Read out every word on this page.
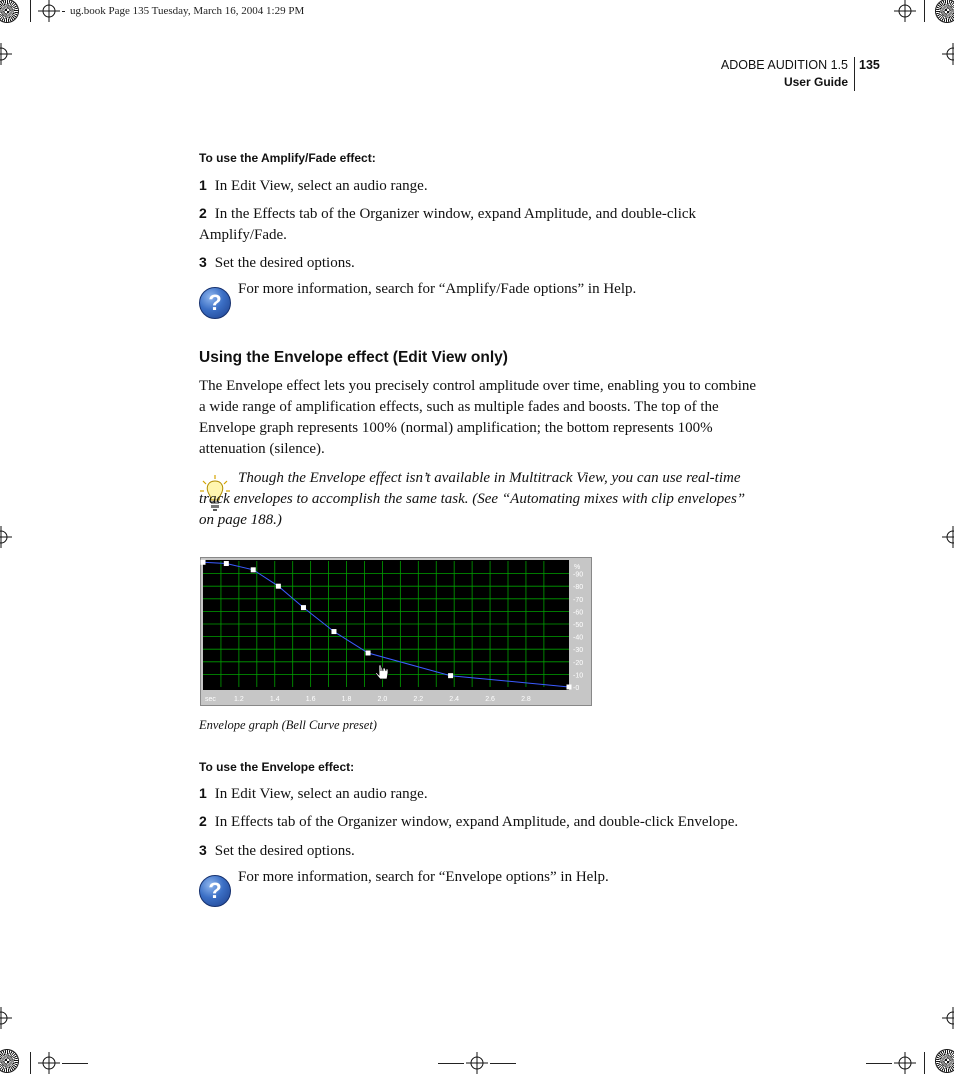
ug.book Page 135 Tuesday, March 16, 2004 1:29 PM
ADOBE AUDITION 1.5
User Guide
135
To use the Amplify/Fade effect:
1 In Edit View, select an audio range.
2 In the Effects tab of the Organizer window, expand Amplitude, and double-click Amplify/Fade.
3 Set the desired options.
?
For more information, search for “Amplify/Fade options” in Help.
Using the Envelope effect (Edit View only)
The Envelope effect lets you precisely control amplitude over time, enabling you to combine a wide range of amplification effects, such as multiple fades and boosts. The top of the Envelope graph represents 100% (normal) amplification; the bottom represents 100% attenuation (silence).
Though the Envelope effect isn’t available in Multitrack View, you can use real-time track envelopes to accomplish the same task. (See “Automating mixes with clip envelopes” on page 188.)
-90
-80
-70
-60
-50
-40
-30
-20
-10
-0
1.2	1.4	1.6	1.8	2.0	2.2	2.4	2.6	2.8
%
sec
Envelope graph (Bell Curve preset)
To use the Envelope effect:
1 In Edit View, select an audio range.
2 In Effects tab of the Organizer window, expand Amplitude, and double-click Envelope.
3 Set the desired options.
?
For more information, search for “Envelope options” in Help.
